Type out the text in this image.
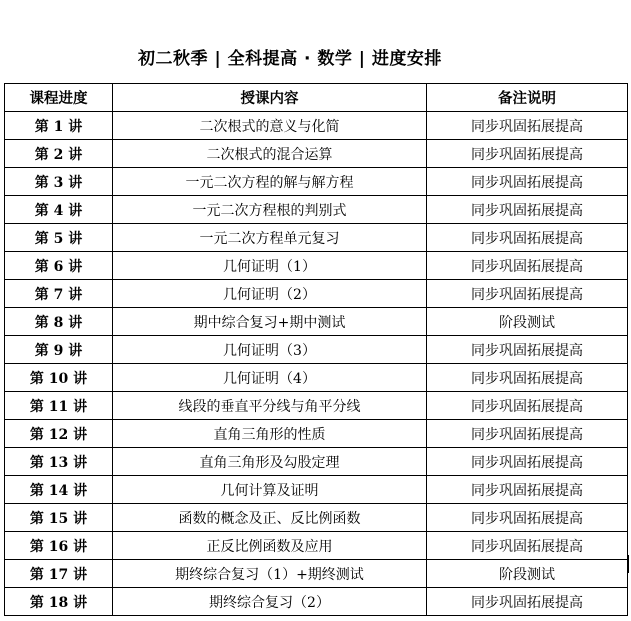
初二秋季 | 全科提高 · 数学 | 进度安排
课程进度	授课内容	备注说明
第 1 讲	二次根式的意义与化简	同步巩固拓展提高
第 2 讲	二次根式的混合运算	同步巩固拓展提高
第 3 讲	一元二次方程的解与解方程	同步巩固拓展提高
第 4 讲	一元二次方程根的判别式	同步巩固拓展提高
第 5 讲	一元二次方程单元复习	同步巩固拓展提高
第 6 讲	几何证明（1）	同步巩固拓展提高
第 7 讲	几何证明（2）	同步巩固拓展提高
第 8 讲	期中综合复习+期中测试	阶段测试
第 9 讲	几何证明（3）	同步巩固拓展提高
第 10 讲	几何证明（4）	同步巩固拓展提高
第 11 讲	线段的垂直平分线与角平分线	同步巩固拓展提高
第 12 讲	直角三角形的性质	同步巩固拓展提高
第 13 讲	直角三角形及勾股定理	同步巩固拓展提高
第 14 讲	几何计算及证明	同步巩固拓展提高
第 15 讲	函数的概念及正、反比例函数	同步巩固拓展提高
第 16 讲	正反比例函数及应用	同步巩固拓展提高
第 17 讲	期终综合复习（1）+期终测试	阶段测试
第 18 讲	期终综合复习（2）	同步巩固拓展提高
